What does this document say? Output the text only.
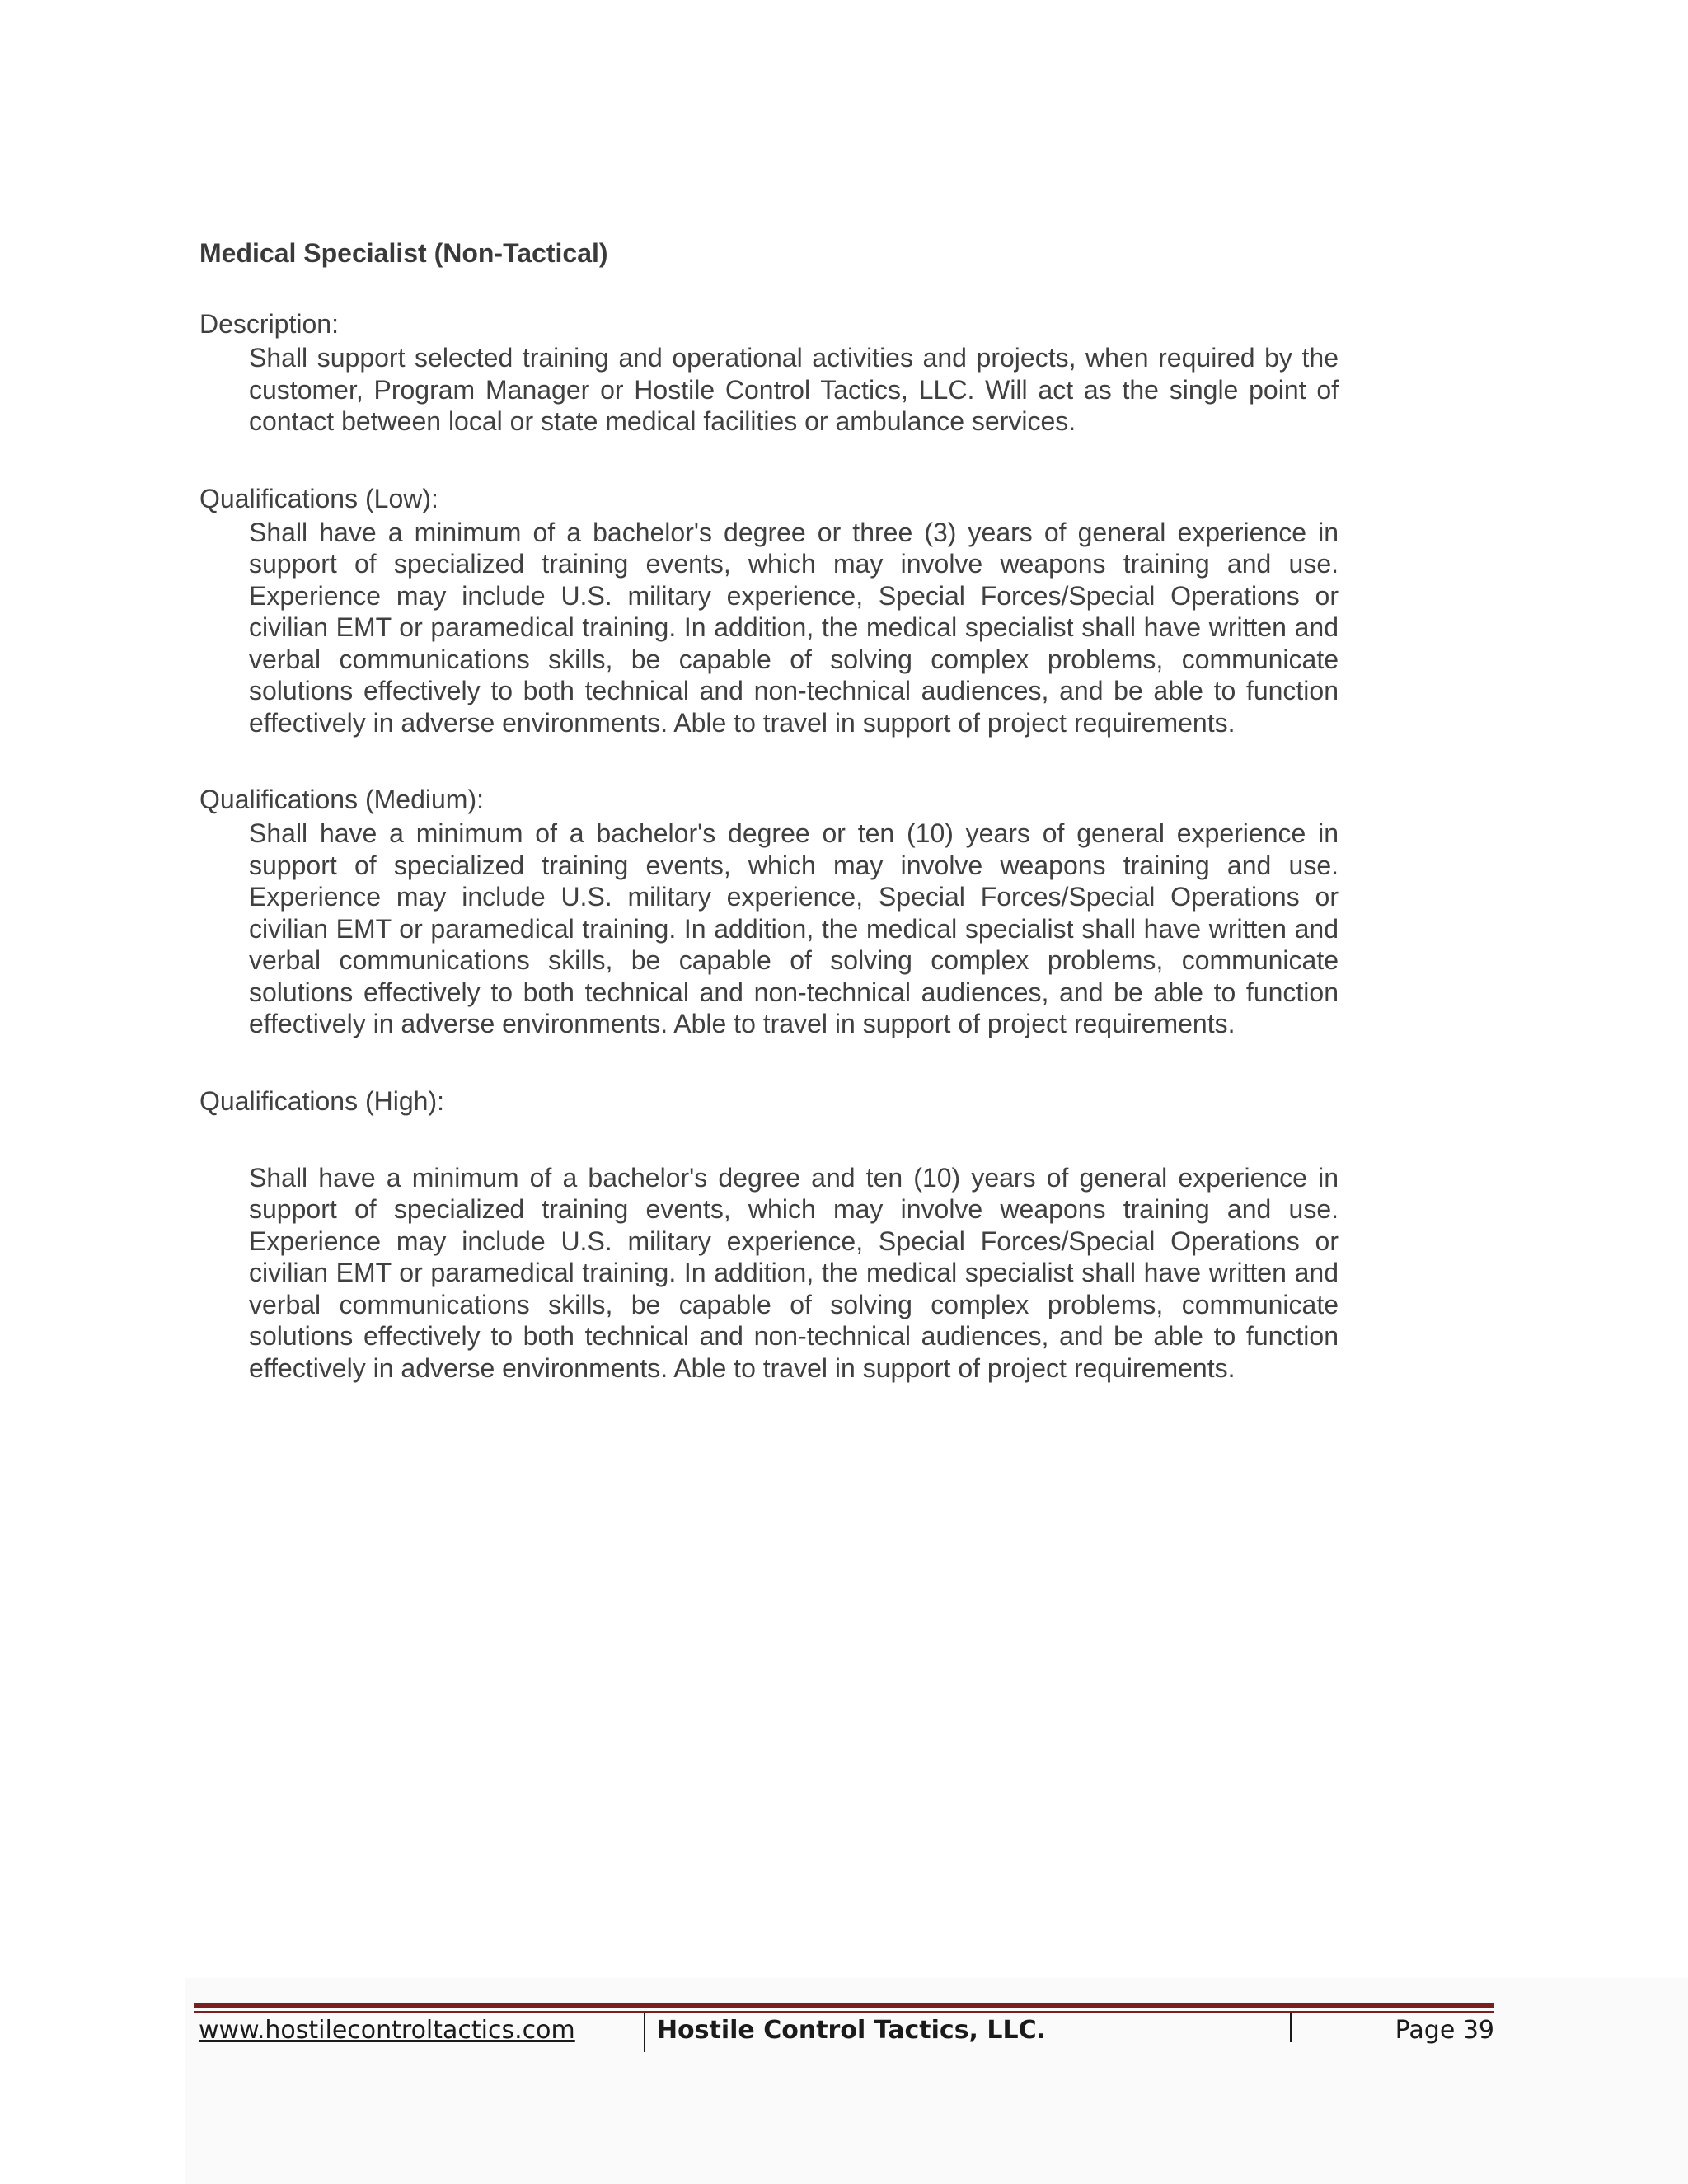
Medical Specialist (Non-Tactical)

Description:

Shall support selected training and operational activities and projects, when required by the customer, Program Manager or Hostile Control Tactics, LLC. Will act as the single point of contact between local or state medical facilities or ambulance services.

Qualifications (Low):

Shall have a minimum of a bachelor's degree or three (3) years of general experience in support of specialized training events, which may involve weapons training and use. Experience may include U.S. military experience, Special Forces/Special Operations or civilian EMT or paramedical training. In addition, the medical specialist shall have written and verbal communications skills, be capable of solving complex problems, communicate solutions effectively to both technical and non-technical audiences, and be able to function effectively in adverse environments. Able to travel in support of project requirements.

Qualifications (Medium):

Shall have a minimum of a bachelor's degree or ten (10) years of general experience in support of specialized training events, which may involve weapons training and use. Experience may include U.S. military experience, Special Forces/Special Operations or civilian EMT or paramedical training. In addition, the medical specialist shall have written and verbal communications skills, be capable of solving complex problems, communicate solutions effectively to both technical and non-technical audiences, and be able to function effectively in adverse environments. Able to travel in support of project requirements.

Qualifications (High):

Shall have a minimum of a bachelor's degree and ten (10) years of general experience in support of specialized training events, which may involve weapons training and use. Experience may include U.S. military experience, Special Forces/Special Operations or civilian EMT or paramedical training. In addition, the medical specialist shall have written and verbal communications skills, be capable of solving complex problems, communicate solutions effectively to both technical and non-technical audiences, and be able to function effectively in adverse environments. Able to travel in support of project requirements.

www.hostilecontroltactics.com	Hostile Control Tactics, LLC.	Page 39
